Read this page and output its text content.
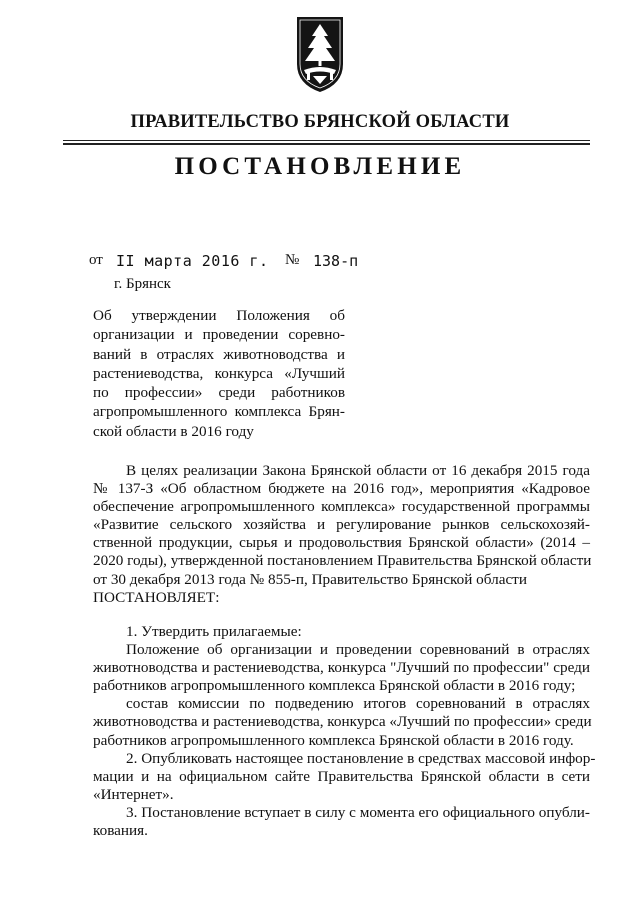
ПРАВИТЕЛЬСТВО БРЯНСКОЙ ОБЛАСТИ
ПОСТАНОВЛЕНИЕ
от II марта 2016 г. № 138-п
г. Брянск
Об утверждении Положения об
организации и проведении соревно-
ваний в отраслях животноводства и
растениеводства, конкурса «Лучший
по профессии» среди работников
агропромышленного комплекса Брян-
ской области в 2016 году
В целях реализации Закона Брянской области от 16 декабря 2015 года
№ 137-З «Об областном бюджете на 2016 год», мероприятия «Кадровое
обеспечение агропромышленного комплекса» государственной программы
«Развитие сельского хозяйства и регулирование рынков сельскохозяй-
ственной продукции, сырья и продовольствия Брянской области» (2014 –
2020 годы), утвержденной постановлением Правительства Брянской области
от 30 декабря 2013 года № 855-п, Правительство Брянской области
ПОСТАНОВЛЯЕТ:
1. Утвердить прилагаемые:
Положение об организации и проведении соревнований в отраслях
животноводства и растениеводства, конкурса "Лучший по профессии" среди
работников агропромышленного комплекса Брянской области в 2016 году;
состав комиссии по подведению итогов соревнований в отраслях
животноводства и растениеводства, конкурса «Лучший по профессии» среди
работников агропромышленного комплекса Брянской области в 2016 году.
2. Опубликовать настоящее постановление в средствах массовой инфор-
мации и на официальном сайте Правительства Брянской области в сети
«Интернет».
3. Постановление вступает в силу с момента его официального опубли-
кования.
